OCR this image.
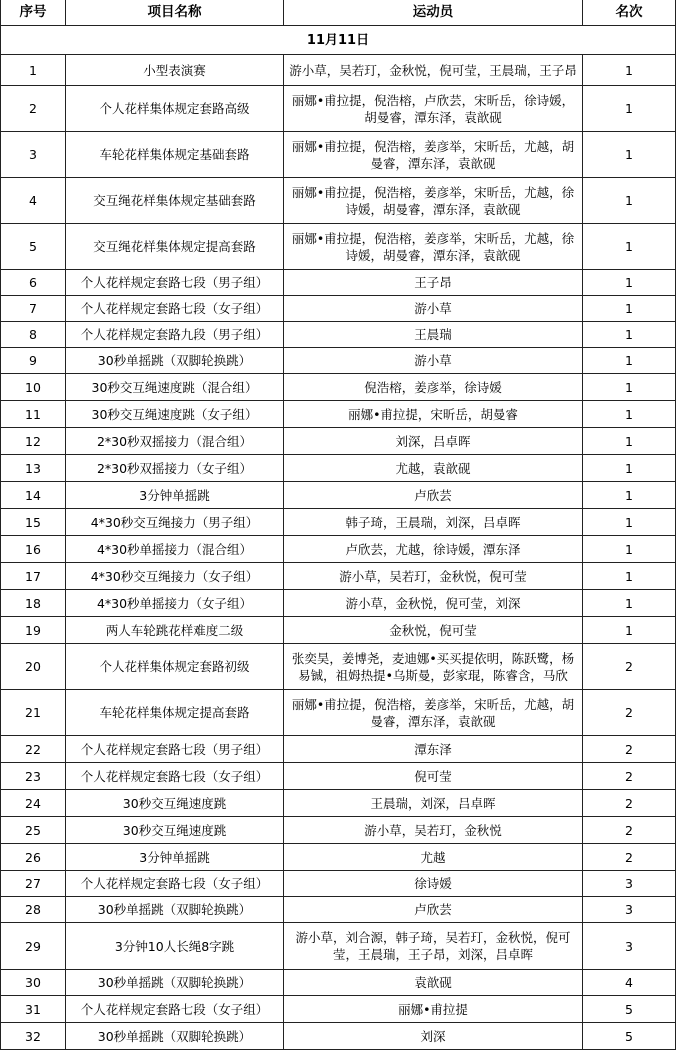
序号	项目名称	运动员	名次
11月11日			
1	小型表演赛	游小草，吴若玎，金秋悦，倪可莹，王晨瑞，王子昂	1
2	个人花样集体规定套路高级	丽娜•甫拉提，倪浩榕，卢欣芸，宋昕岳，徐诗媛，胡曼睿，潭东泽，袁歆砚	1
3	车轮花样集体规定基础套路	丽娜•甫拉提，倪浩榕，姜彦举，宋昕岳，尤越，胡曼睿，潭东泽，袁歆砚	1
4	交互绳花样集体规定基础套路	丽娜•甫拉提，倪浩榕，姜彦举，宋昕岳，尤越，徐诗媛，胡曼睿，潭东泽，袁歆砚	1
5	交互绳花样集体规定提高套路	丽娜•甫拉提，倪浩榕，姜彦举，宋昕岳，尤越，徐诗媛，胡曼睿，潭东泽，袁歆砚	1
6	个人花样规定套路七段（男子组）	王子昂	1
7	个人花样规定套路七段（女子组）	游小草	1
8	个人花样规定套路九段（男子组）	王晨瑞	1
9	30秒单摇跳（双脚轮换跳）	游小草	1
10	30秒交互绳速度跳（混合组）	倪浩榕，姜彦举，徐诗媛	1
11	30秒交互绳速度跳（女子组）	丽娜•甫拉提，宋昕岳，胡曼睿	1
12	2*30秒双摇接力（混合组）	刘深，吕卓晖	1
13	2*30秒双摇接力（女子组）	尤越，袁歆砚	1
14	3分钟单摇跳	卢欣芸	1
15	4*30秒交互绳接力（男子组）	韩子琦，王晨瑞，刘深，吕卓晖	1
16	4*30秒单摇接力（混合组）	卢欣芸，尤越，徐诗媛，潭东泽	1
17	4*30秒交互绳接力（女子组）	游小草，吴若玎，金秋悦，倪可莹	1
18	4*30秒单摇接力（女子组）	游小草，金秋悦，倪可莹，刘深	1
19	两人车轮跳花样难度二级	金秋悦，倪可莹	1
20	个人花样集体规定套路初级	张奕昊，姜博尧，麦迪娜•买买提依明，陈跃鹭，杨易铖，祖姆热提•乌斯曼，彭家琨，陈睿含，马欣	2
21	车轮花样集体规定提高套路	丽娜•甫拉提，倪浩榕，姜彦举，宋昕岳，尤越，胡曼睿，潭东泽，袁歆砚	2
22	个人花样规定套路七段（男子组）	潭东泽	2
23	个人花样规定套路七段（女子组）	倪可莹	2
24	30秒交互绳速度跳	王晨瑞，刘深，吕卓晖	2
25	30秒交互绳速度跳	游小草，吴若玎，金秋悦	2
26	3分钟单摇跳	尤越	2
27	个人花样规定套路七段（女子组）	徐诗媛	3
28	30秒单摇跳（双脚轮换跳）	卢欣芸	3
29	3分钟10人长绳8字跳	游小草，刘合源，韩子琦，吴若玎，金秋悦，倪可莹，王晨瑞，王子昂，刘深，吕卓晖	3
30	30秒单摇跳（双脚轮换跳）	袁歆砚	4
31	个人花样规定套路七段（女子组）	丽娜•甫拉提	5
32	30秒单摇跳（双脚轮换跳）	刘深	5
